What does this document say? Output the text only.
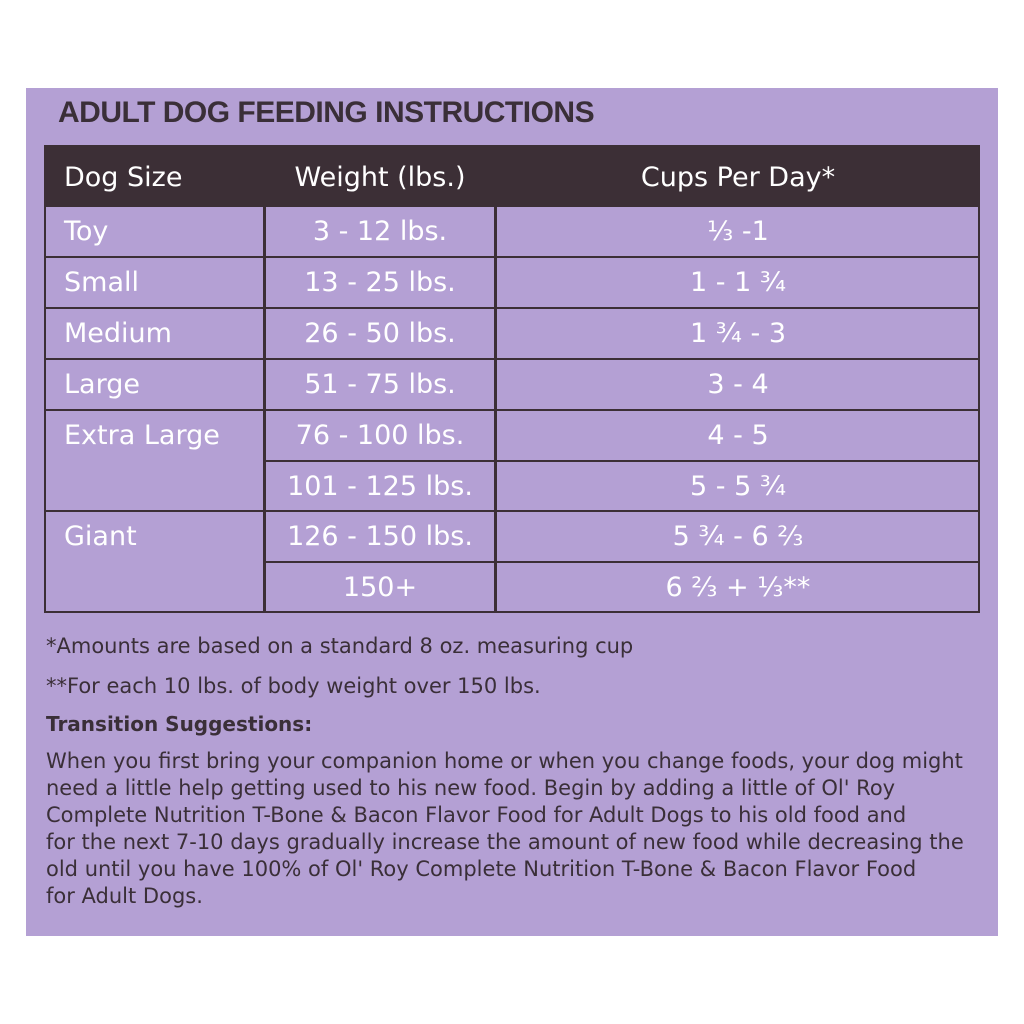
ADULT DOG FEEDING INSTRUCTIONS
Dog Size	Weight (lbs.)	Cups Per Day*
Toy	3 - 12 lbs.	⅓ -1
Small	13 - 25 lbs.	1 - 1 ¾
Medium	26 - 50 lbs.	1 ¾ - 3
Large	51 - 75 lbs.	3 - 4
Extra Large	76 - 100 lbs.	4 - 5
101 - 125 lbs.	5 - 5 ¾
Giant	126 - 150 lbs.	5 ¾ - 6 ⅔
150+	6 ⅔ + ⅓**
*Amounts are based on a standard 8 oz. measuring cup
**For each 10 lbs. of body weight over 150 lbs.
Transition Suggestions:
When you first bring your companion home or when you change foods, your dog might
need a little help getting used to his new food. Begin by adding a little of Ol' Roy
Complete Nutrition T-Bone & Bacon Flavor Food for Adult Dogs to his old food and
for the next 7-10 days gradually increase the amount of new food while decreasing the
old until you have 100% of Ol' Roy Complete Nutrition T-Bone & Bacon Flavor Food
for Adult Dogs.
